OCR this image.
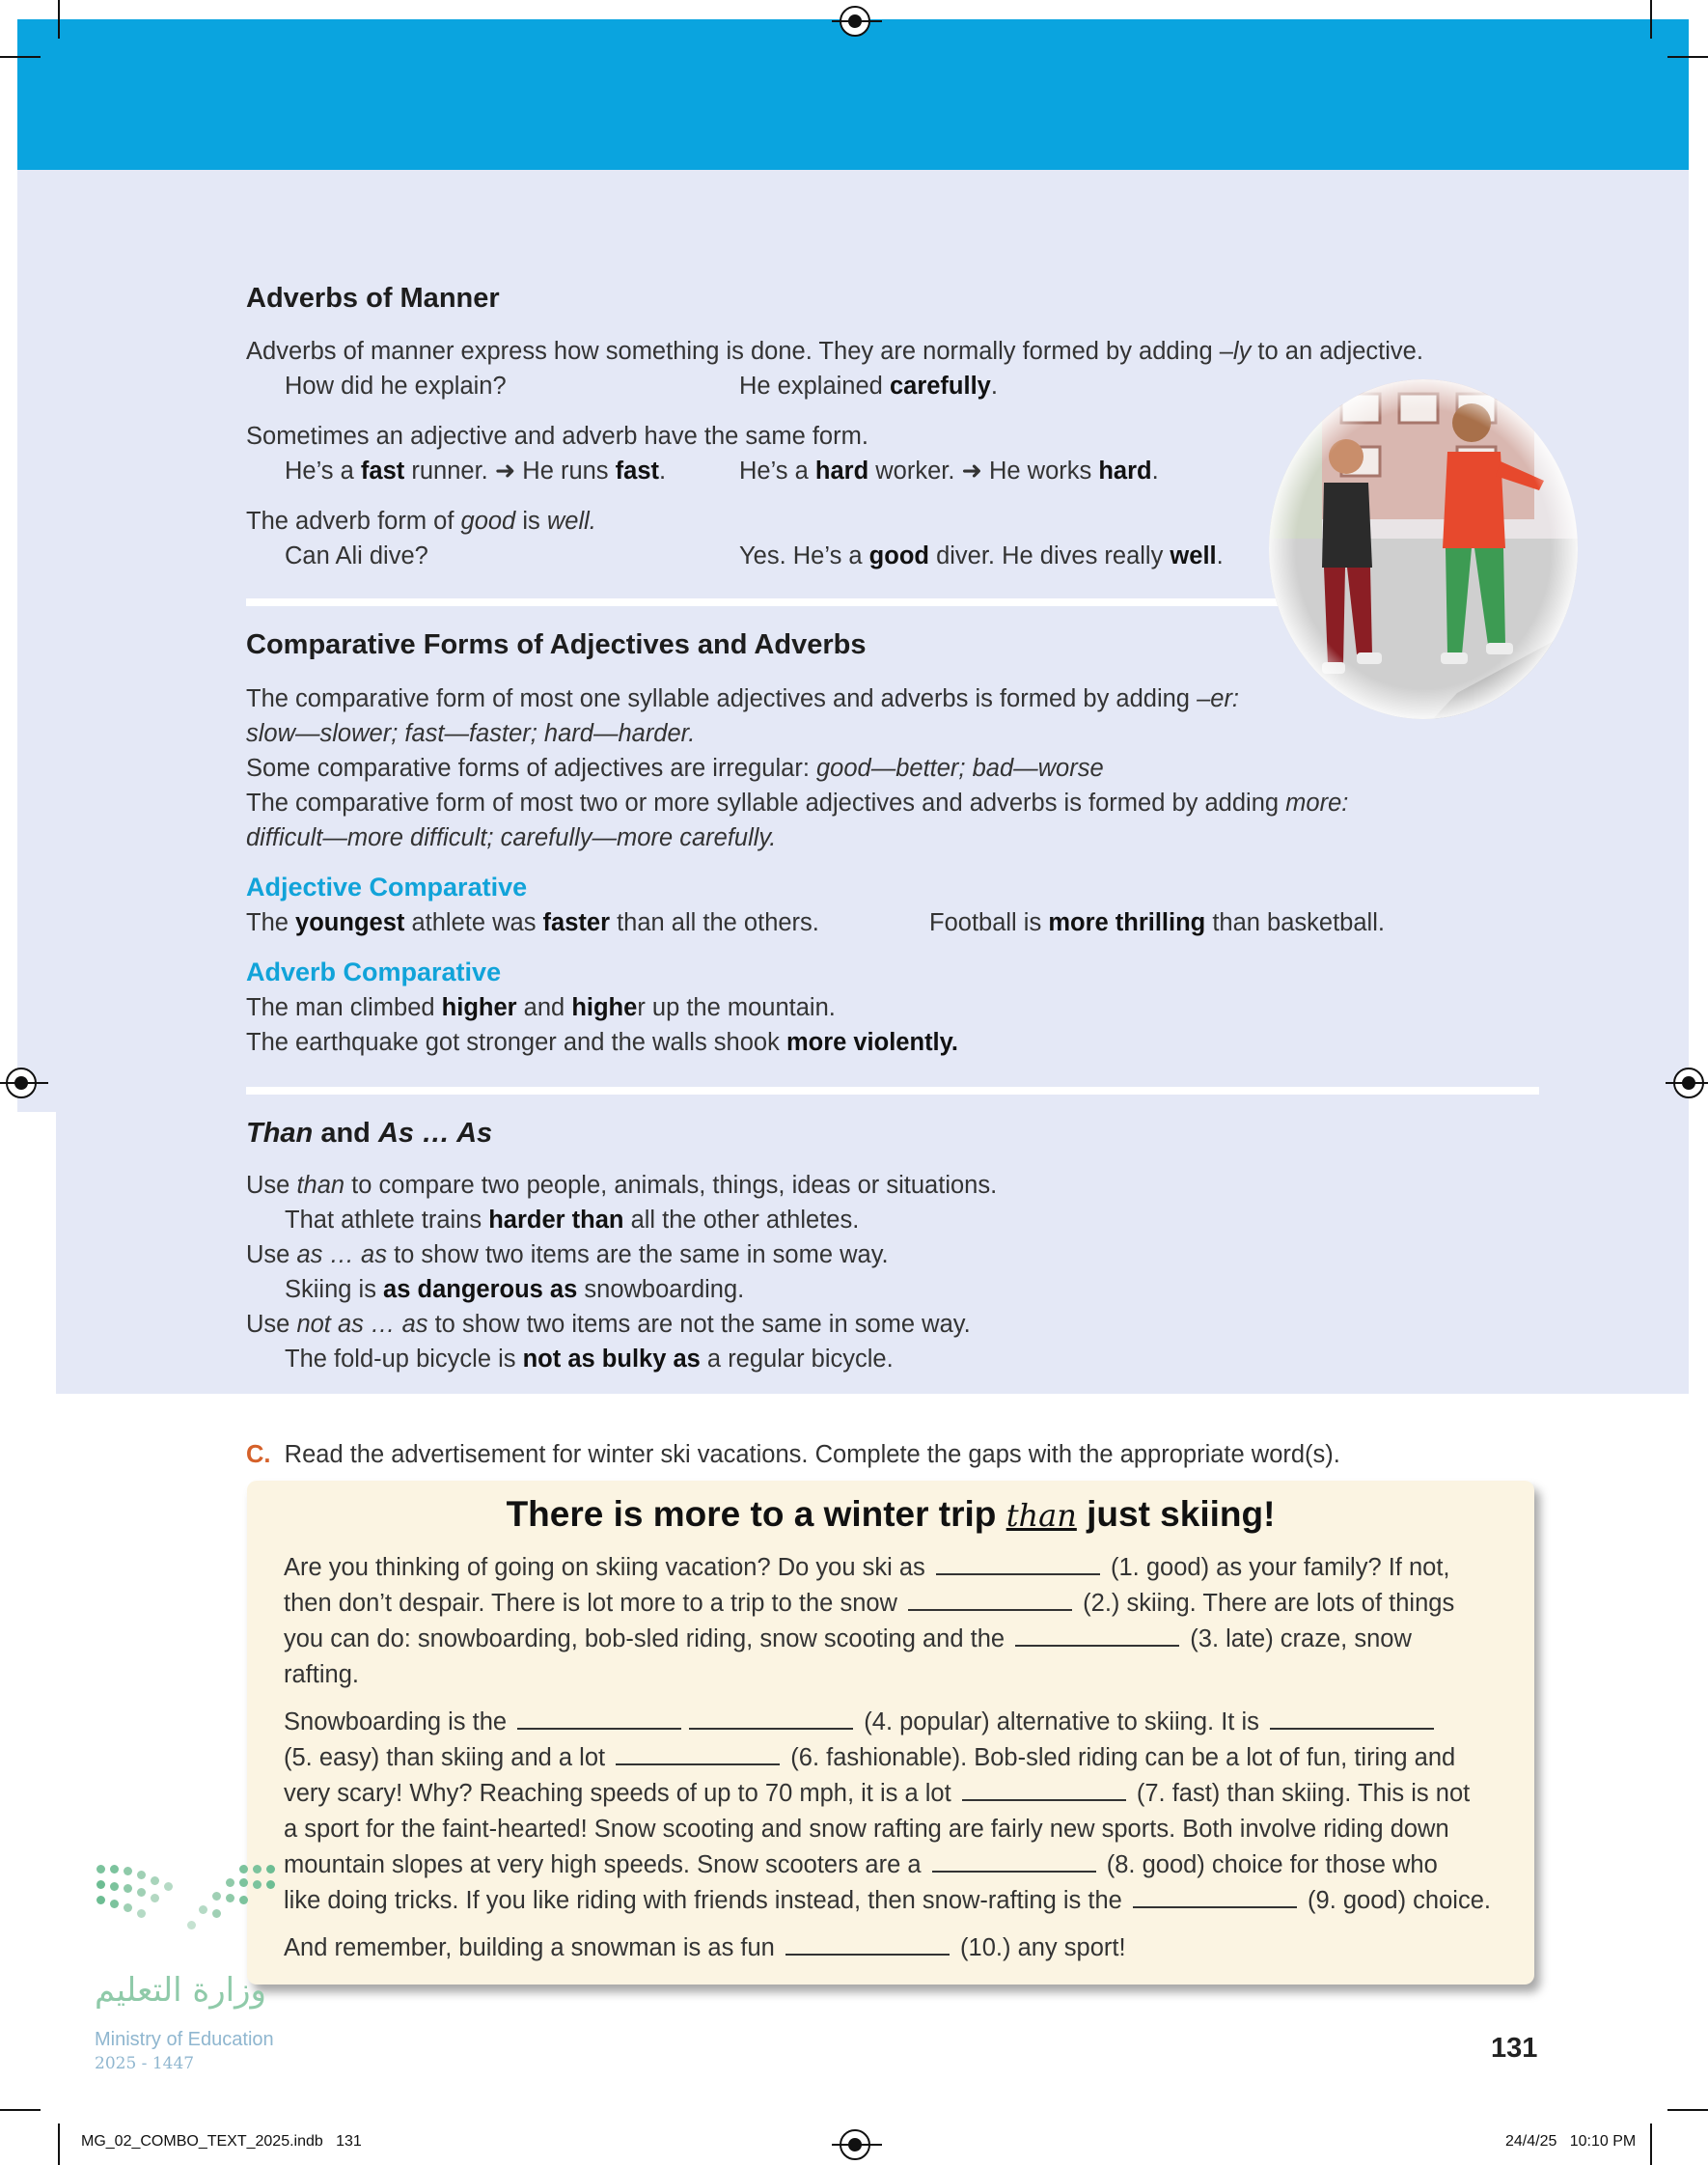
Adverbs of Manner
Adverbs of manner express how something is done. They are normally formed by adding –ly to an adjective.
How did he explain?	He explained carefully.
Sometimes an adjective and adverb have the same form.
He’s a fast runner. ➜ He runs fast.	He’s a hard worker. ➜ He works hard.
The adverb form of good is well.
Can Ali dive?	Yes. He’s a good diver. He dives really well.
Comparative Forms of Adjectives and Adverbs
The comparative form of most one syllable adjectives and adverbs is formed by adding –er:
slow—slower; fast—faster; hard—harder.
Some comparative forms of adjectives are irregular: good—better; bad—worse
The comparative form of most two or more syllable adjectives and adverbs is formed by adding more:
difficult—more difficult; carefully—more carefully.
Adjective Comparative
The youngest athlete was faster than all the others.	Football is more thrilling than basketball.
Adverb Comparative
The man climbed higher and higher up the mountain.
The earthquake got stronger and the walls shook more violently.
Than and As … As
Use than to compare two people, animals, things, ideas or situations.
That athlete trains harder than all the other athletes.
Use as … as to show two items are the same in some way.
Skiing is as dangerous as snowboarding.
Use not as … as to show two items are not the same in some way.
The fold-up bicycle is not as bulky as a regular bicycle.
C. Read the advertisement for winter ski vacations. Complete the gaps with the appropriate word(s).
There is more to a winter trip than just skiing!
Are you thinking of going on skiing vacation? Do you ski as	(1. good) as your family? If not,
then don’t despair. There is lot more to a trip to the snow	(2.) skiing. There are lots of things
you can do: snowboarding, bob-sled riding, snow scooting and the	(3. late) craze, snow
rafting.
Snowboarding is the	(4. popular) alternative to skiing. It is
(5. easy) than skiing and a lot	(6. fashionable). Bob-sled riding can be a lot of fun, tiring and
very scary! Why? Reaching speeds of up to 70 mph, it is a lot	(7. fast) than skiing. This is not
a sport for the faint-hearted! Snow scooting and snow rafting are fairly new sports. Both involve riding down
mountain slopes at very high speeds. Snow scooters are a	(8. good) choice for those who
like doing tricks. If you like riding with friends instead, then snow-rafting is the	(9. good) choice.
And remember, building a snowman is as fun	(10.) any sport!
وزارة التعليم
Ministry of Education
2025 - 1447	131
MG_02_COMBO_TEXT_2025.indb   131	24/4/25   10:10 PM
